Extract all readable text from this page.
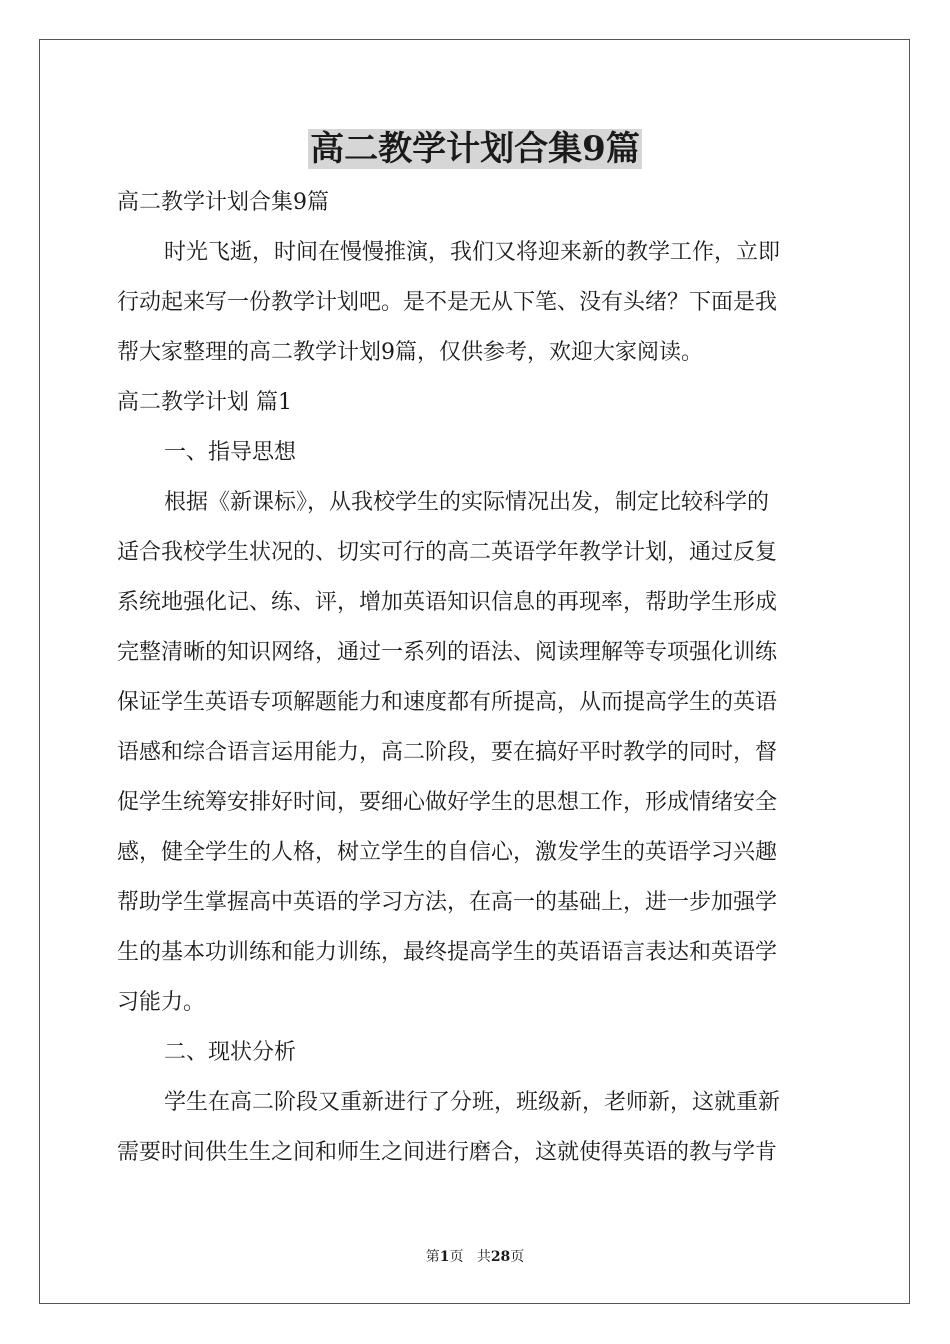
高二教学计划合集9篇

高二教学计划合集9篇

时光飞逝，时间在慢慢推演，我们又将迎来新的教学工作，立即

行动起来写一份教学计划吧。是不是无从下笔、没有头绪？下面是我

帮大家整理的高二教学计划9篇，仅供参考，欢迎大家阅读。

高二教学计划 篇1

一、指导思想

根据《新课标》，从我校学生的实际情况出发，制定比较科学的

适合我校学生状况的、切实可行的高二英语学年教学计划，通过反复

系统地强化记、练、评，增加英语知识信息的再现率，帮助学生形成

完整清晰的知识网络，通过一系列的语法、阅读理解等专项强化训练

保证学生英语专项解题能力和速度都有所提高，从而提高学生的英语

语感和综合语言运用能力，高二阶段，要在搞好平时教学的同时，督

促学生统筹安排好时间，要细心做好学生的思想工作，形成情绪安全

感，健全学生的人格，树立学生的自信心，激发学生的英语学习兴趣

帮助学生掌握高中英语的学习方法，在高一的基础上，进一步加强学

生的基本功训练和能力训练，最终提高学生的英语语言表达和英语学

习能力。

二、现状分析

学生在高二阶段又重新进行了分班，班级新，老师新，这就重新

需要时间供生生之间和师生之间进行磨合，这就使得英语的教与学肯

第1页 共28页
